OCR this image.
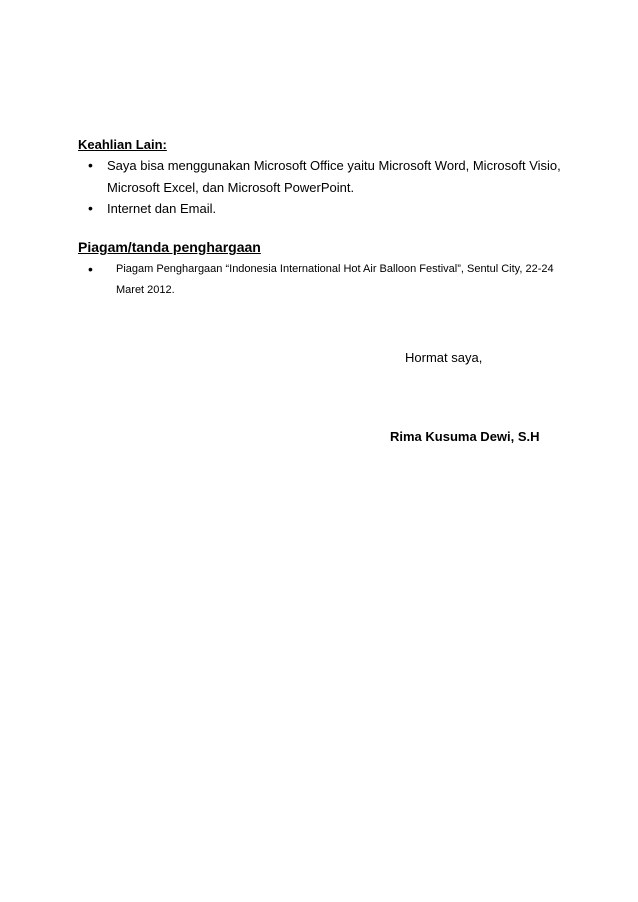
Keahlian Lain:
• Saya bisa menggunakan Microsoft Office yaitu Microsoft Word, Microsoft Visio,
Microsoft Excel, dan Microsoft PowerPoint.
• Internet dan Email.
Piagam/tanda penghargaan
• Piagam Penghargaan “Indonesia International Hot Air Balloon Festival”, Sentul City, 22-24
Maret 2012.
Hormat saya,
Rima Kusuma Dewi, S.H
